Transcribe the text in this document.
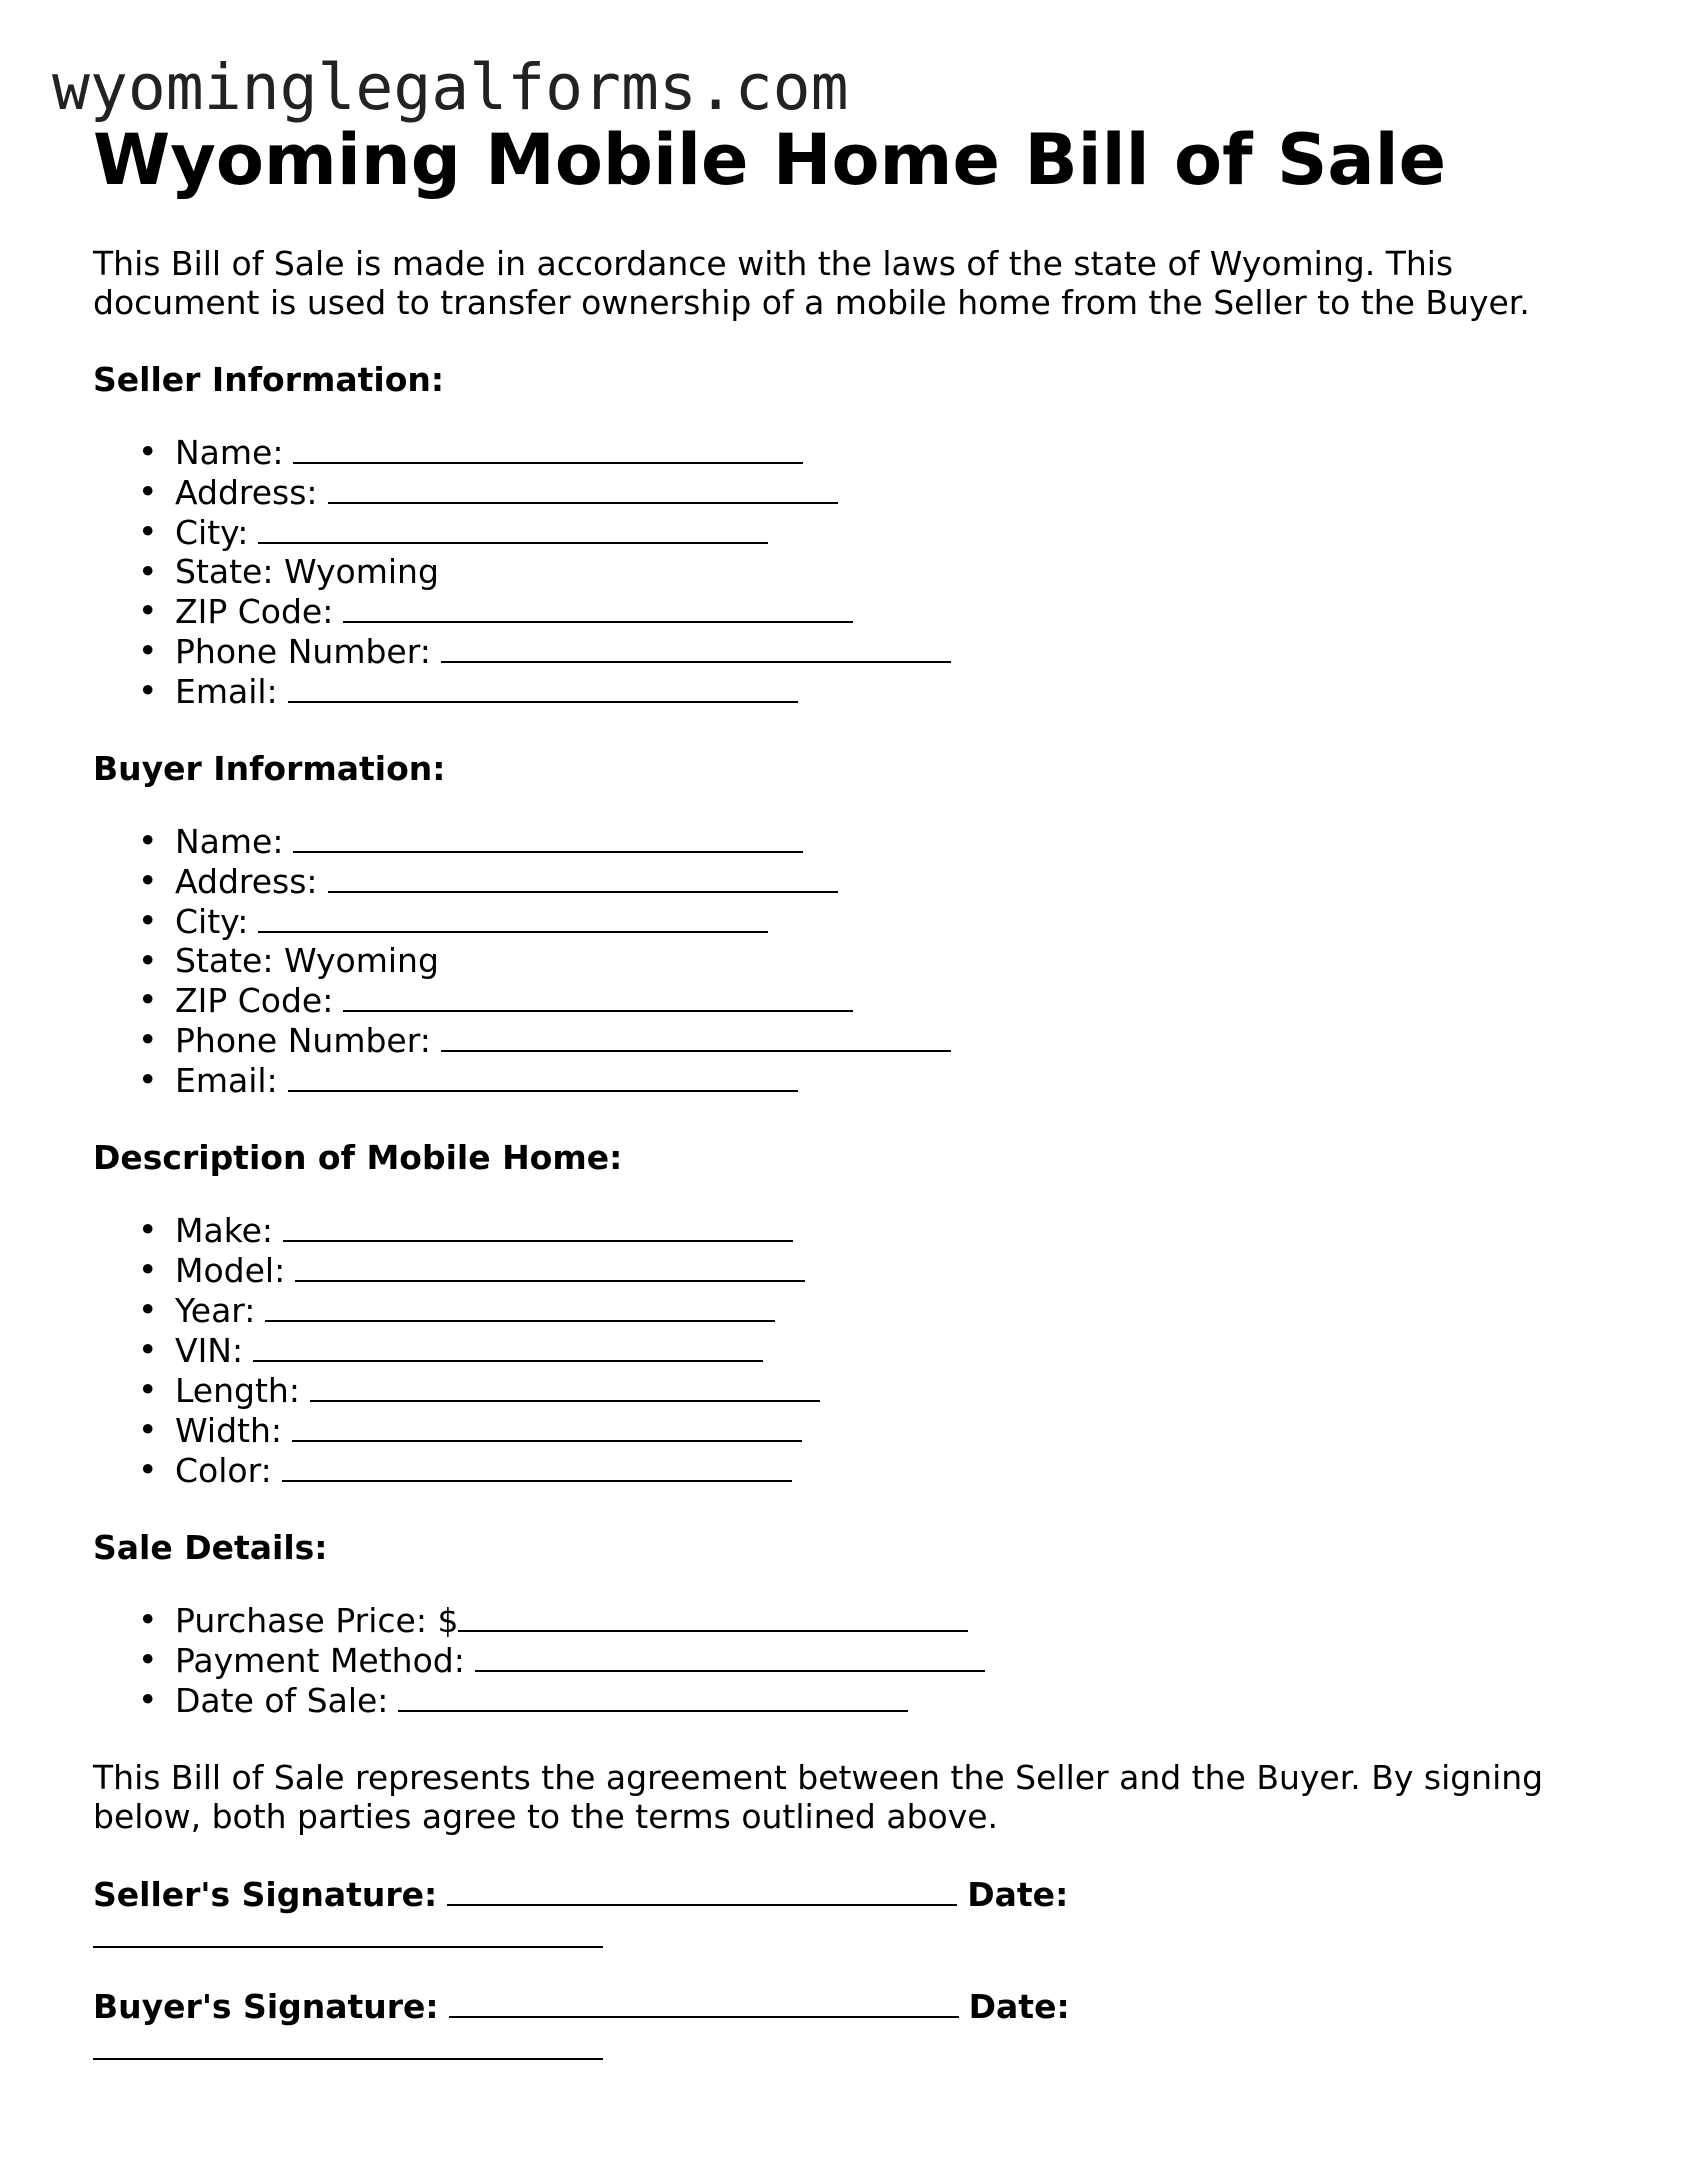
wyominglegalforms.com
Wyoming Mobile Home Bill of Sale

This Bill of Sale is made in accordance with the laws of the state of Wyoming. This document is used to transfer ownership of a mobile home from the Seller to the Buyer.

Seller Information:

• Name:
• Address:
• City:
• State: Wyoming
• ZIP Code:
• Phone Number:
• Email:

Buyer Information:

• Name:
• Address:
• City:
• State: Wyoming
• ZIP Code:
• Phone Number:
• Email:

Description of Mobile Home:

• Make:
• Model:
• Year:
• VIN:
• Length:
• Width:
• Color:

Sale Details:

• Purchase Price: $
• Payment Method:
• Date of Sale:

This Bill of Sale represents the agreement between the Seller and the Buyer. By signing below, both parties agree to the terms outlined above.

Seller's Signature:	Date:
Buyer's Signature:	Date:
